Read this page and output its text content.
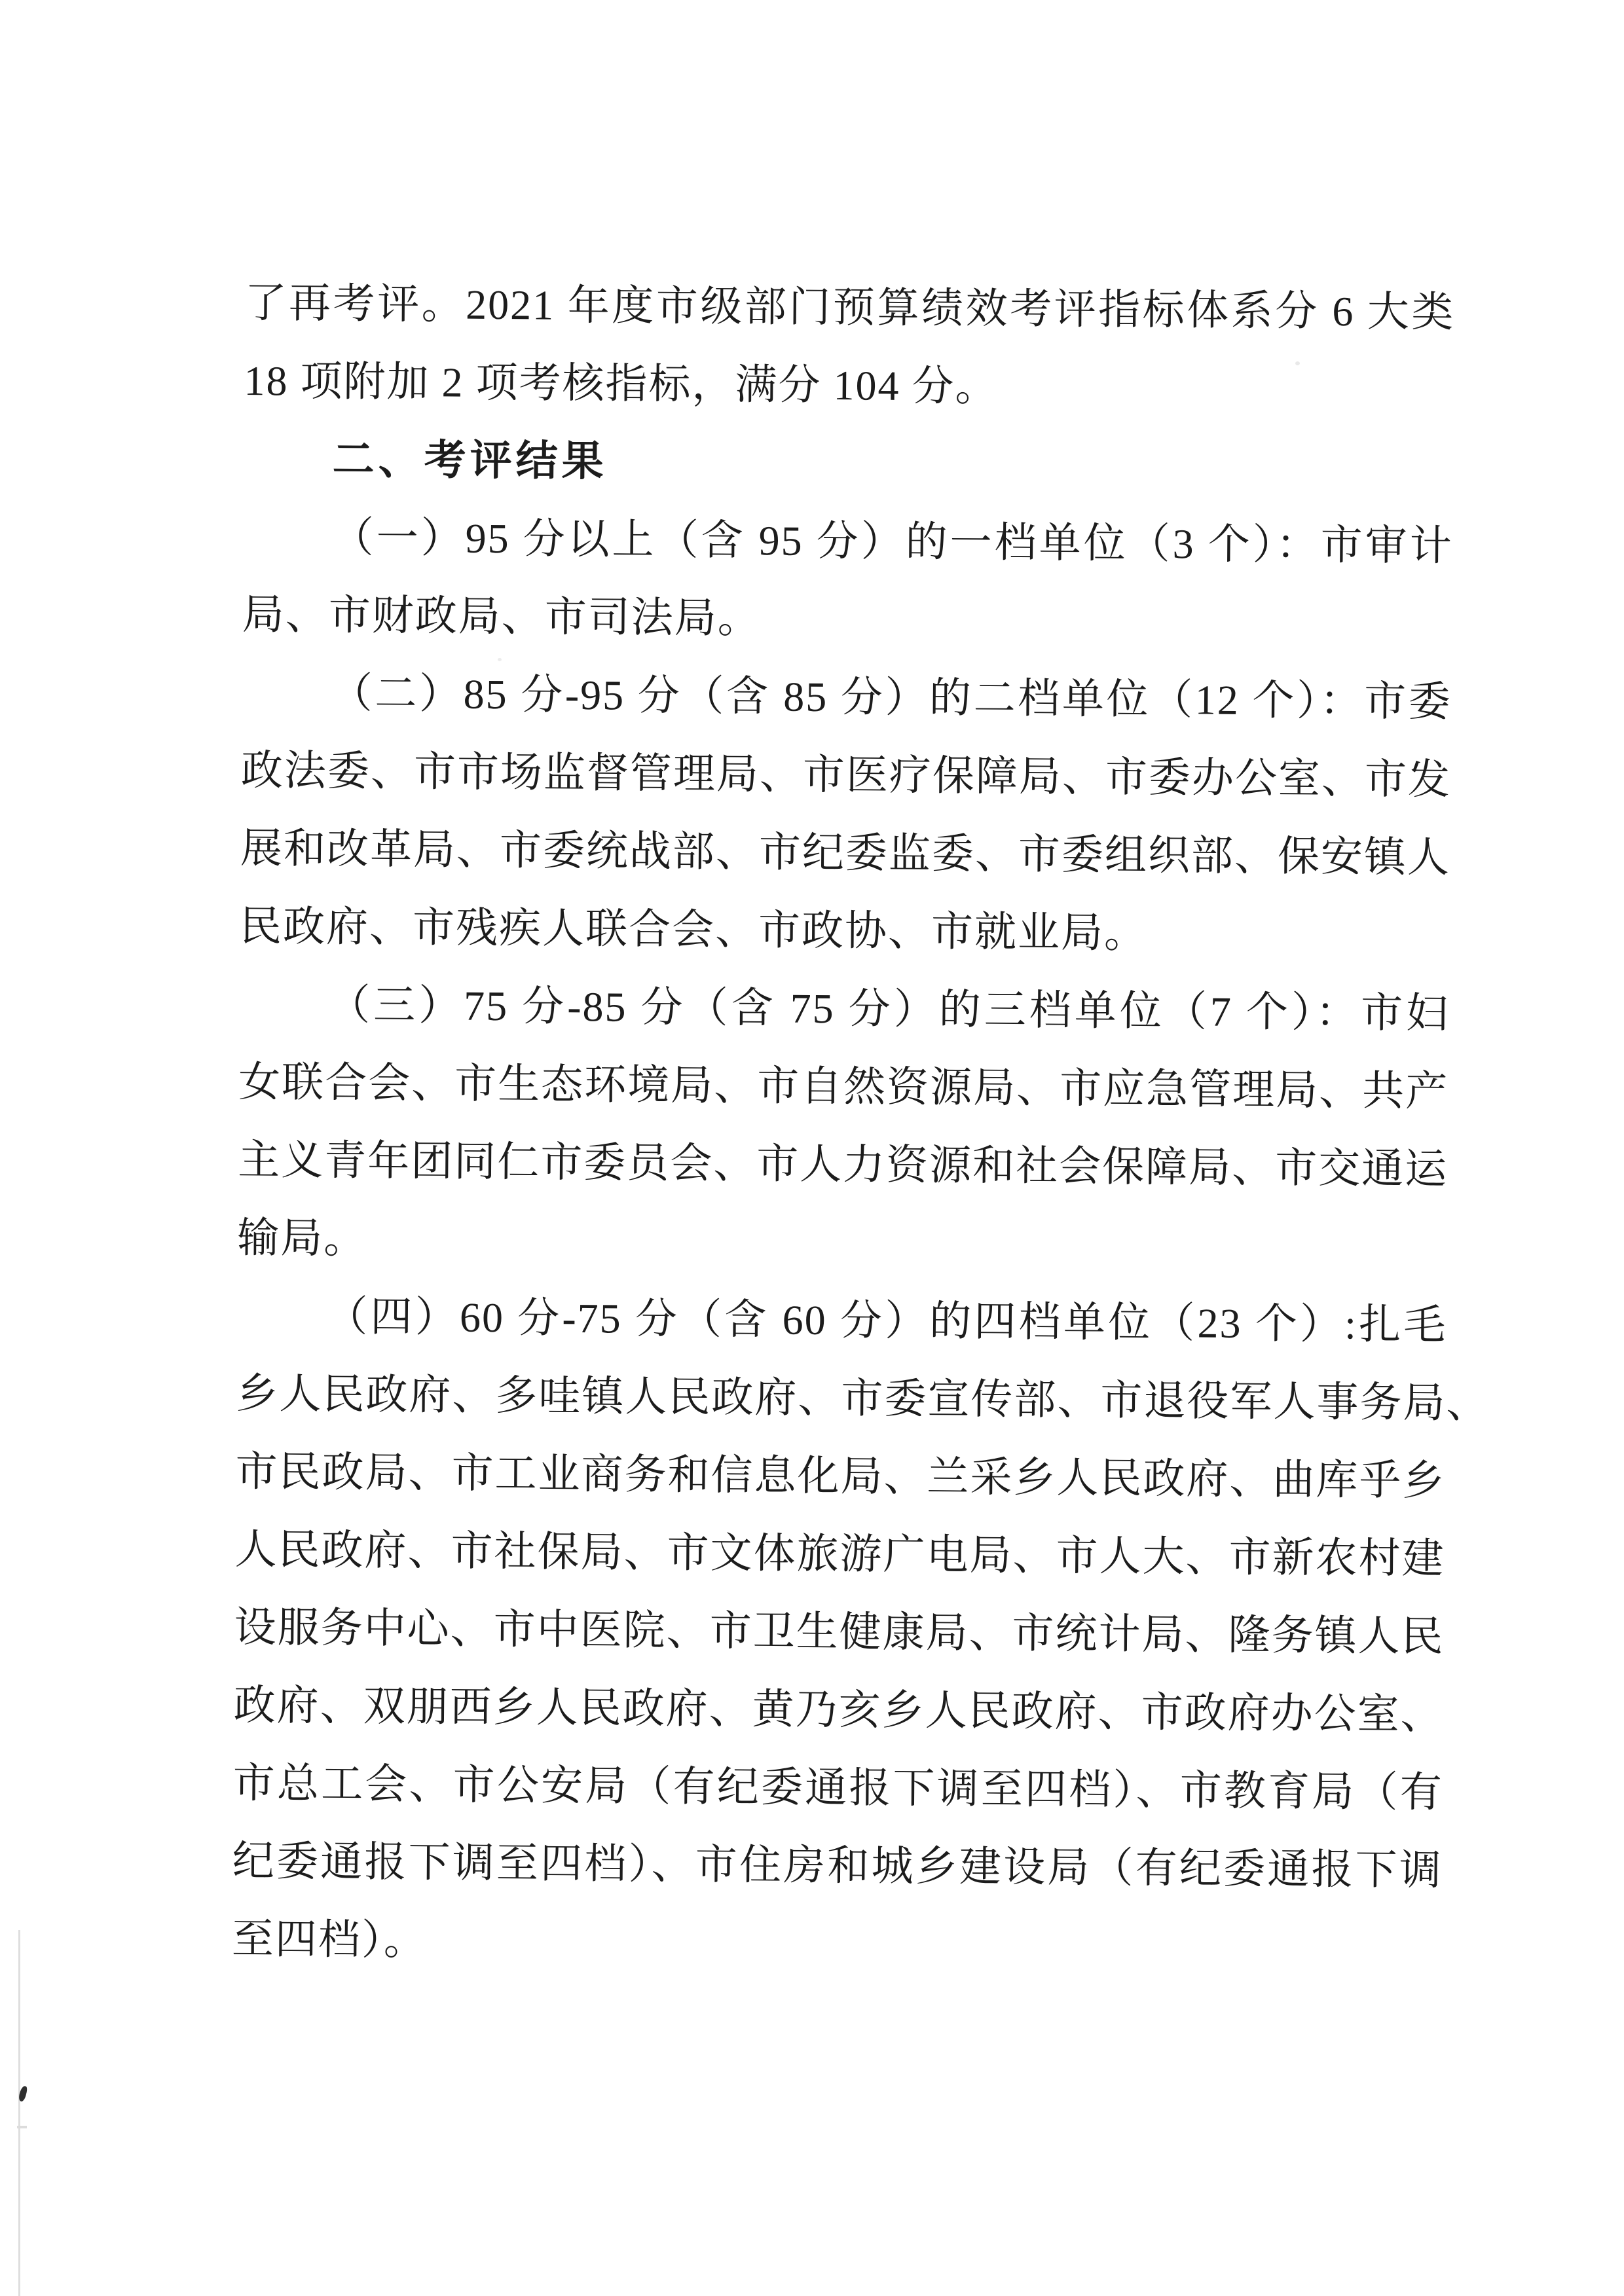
了再考评。2021 年度市级部门预算绩效考评指标体系分 6 大类
18 项附加 2 项考核指标，满分 104 分。
二、考评结果
（一）95 分以上（含 95 分）的一档单位（3 个）：市审计
局、市财政局、市司法局。
（二）85 分-95 分（含 85 分）的二档单位（12 个）：市委
政法委、市市场监督管理局、市医疗保障局、市委办公室、市发
展和改革局、市委统战部、市纪委监委、市委组织部、保安镇人
民政府、市残疾人联合会、市政协、市就业局。
（三）75 分-85 分（含 75 分）的三档单位（7 个）：市妇
女联合会、市生态环境局、市自然资源局、市应急管理局、共产
主义青年团同仁市委员会、市人力资源和社会保障局、市交通运
输局。
（四）60 分-75 分（含 60 分）的四档单位（23 个）:扎毛
乡人民政府、多哇镇人民政府、市委宣传部、市退役军人事务局、
市民政局、市工业商务和信息化局、兰采乡人民政府、曲库乎乡
人民政府、市社保局、市文体旅游广电局、市人大、市新农村建
设服务中心、市中医院、市卫生健康局、市统计局、隆务镇人民
政府、双朋西乡人民政府、黄乃亥乡人民政府、市政府办公室、
市总工会、市公安局（有纪委通报下调至四档）、市教育局（有
纪委通报下调至四档）、市住房和城乡建设局（有纪委通报下调
至四档）。
